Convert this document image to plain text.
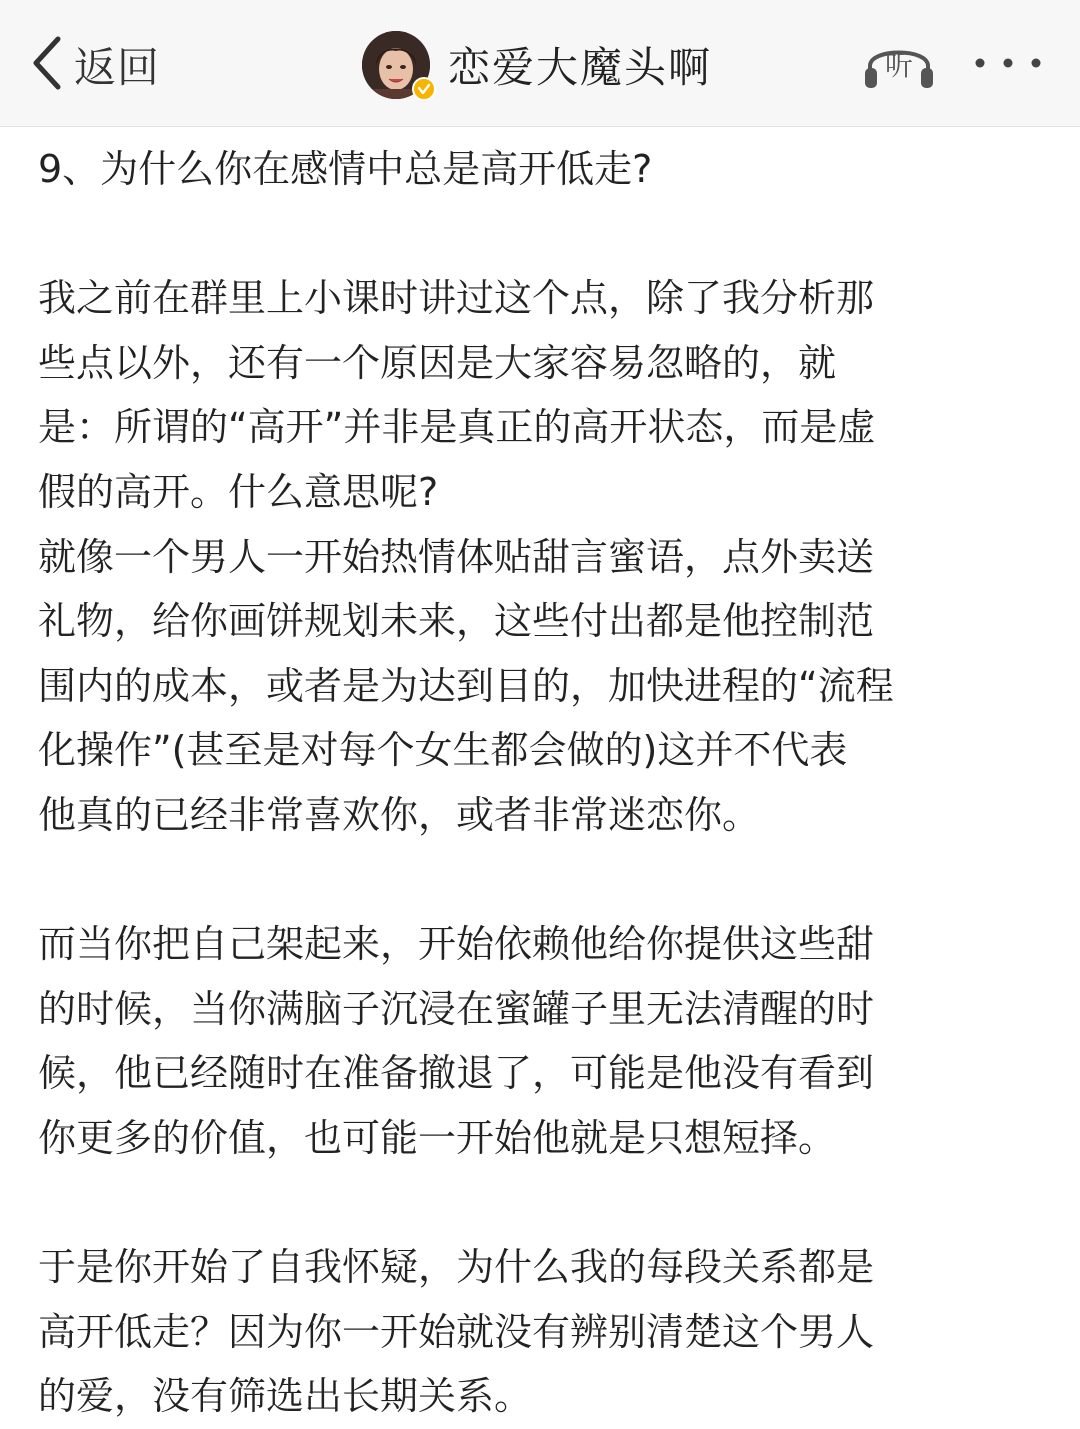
返回	恋爱大魔头啊	听

9、为什么你在感情中总是高开低走?

我之前在群里上小课时讲过这个点，除了我分析那

些点以外，还有一个原因是大家容易忽略的，就

是：所谓的“高开”并非是真正的高开状态，而是虚

假的高开。什么意思呢?

就像一个男人一开始热情体贴甜言蜜语，点外卖送

礼物，给你画饼规划未来，这些付出都是他控制范

围内的成本，或者是为达到目的，加快进程的“流程

化操作”(甚至是对每个女生都会做的)这并不代表

他真的已经非常喜欢你，或者非常迷恋你。

而当你把自己架起来，开始依赖他给你提供这些甜

的时候，当你满脑子沉浸在蜜罐子里无法清醒的时

候，他已经随时在准备撤退了，可能是他没有看到

你更多的价值，也可能一开始他就是只想短择。

于是你开始了自我怀疑，为什么我的每段关系都是

高开低走？因为你一开始就没有辨别清楚这个男人

的爱，没有筛选出长期关系。
